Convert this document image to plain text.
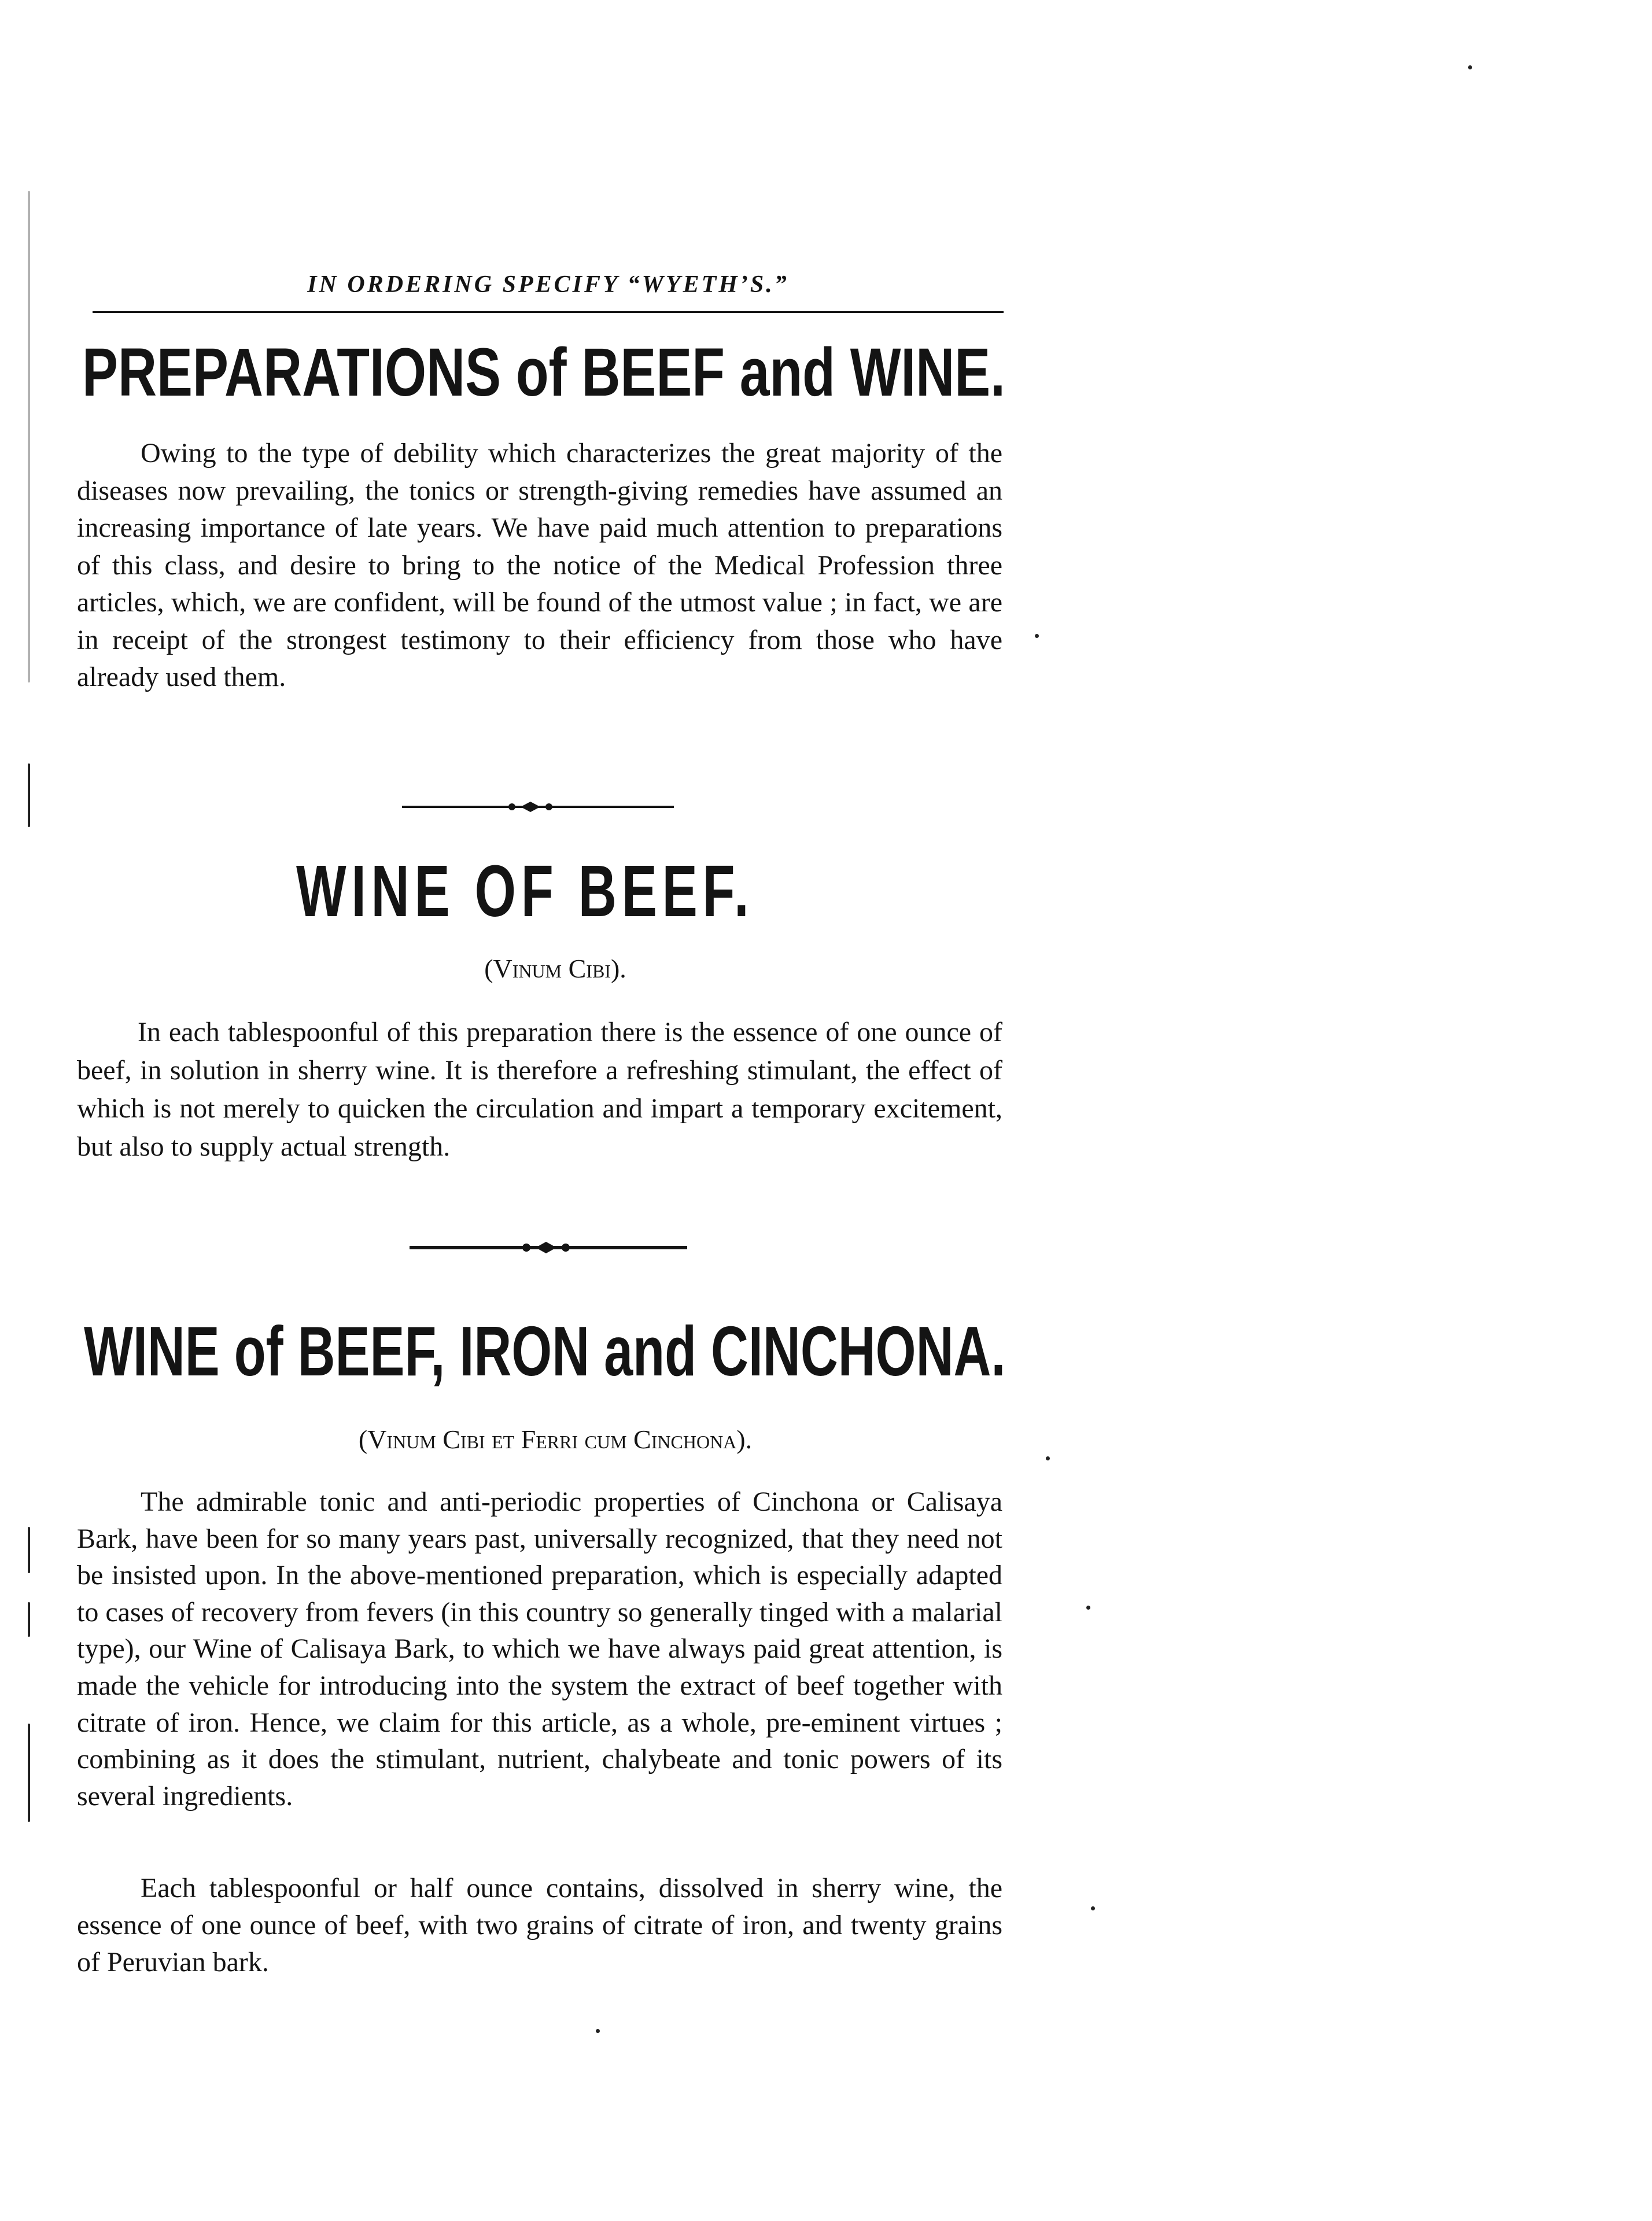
IN ORDERING SPECIFY “WYETH’S.”
PREPARATIONS of BEEF and WINE.

Owing to the type of debility which characterizes the great majority of the diseases now prevailing, the tonics or strength-giving remedies have assumed an increasing importance of late years. We have paid much attention to preparations of this class, and desire to bring to the notice of the Medical Profession three articles, which, we are confident, will be found of the utmost value ; in fact, we are in receipt of the strongest testimony to their efficiency from those who have already used them.

WINE OF BEEF.
(Vinum Cibi).

In each tablespoonful of this preparation there is the essence of one ounce of beef, in solution in sherry wine. It is therefore a refreshing stimulant, the effect of which is not merely to quicken the circulation and impart a temporary excitement, but also to supply actual strength.

WINE of BEEF, IRON and CINCHONA.
(Vinum Cibi et Ferri cum Cinchona).

The admirable tonic and anti-periodic properties of Cinchona or Calisaya Bark, have been for so many years past, universally recognized, that they need not be insisted upon. In the above-mentioned preparation, which is especially adapted to cases of recovery from fevers (in this country so generally tinged with a malarial type), our Wine of Calisaya Bark, to which we have always paid great attention, is made the vehicle for introducing into the system the extract of beef together with citrate of iron. Hence, we claim for this article, as a whole, pre-eminent virtues ; combining as it does the stimulant, nutrient, chalybeate and tonic powers of its several ingredients.

Each tablespoonful or half ounce contains, dissolved in sherry wine, the essence of one ounce of beef, with two grains of citrate of iron, and twenty grains of Peruvian bark.
